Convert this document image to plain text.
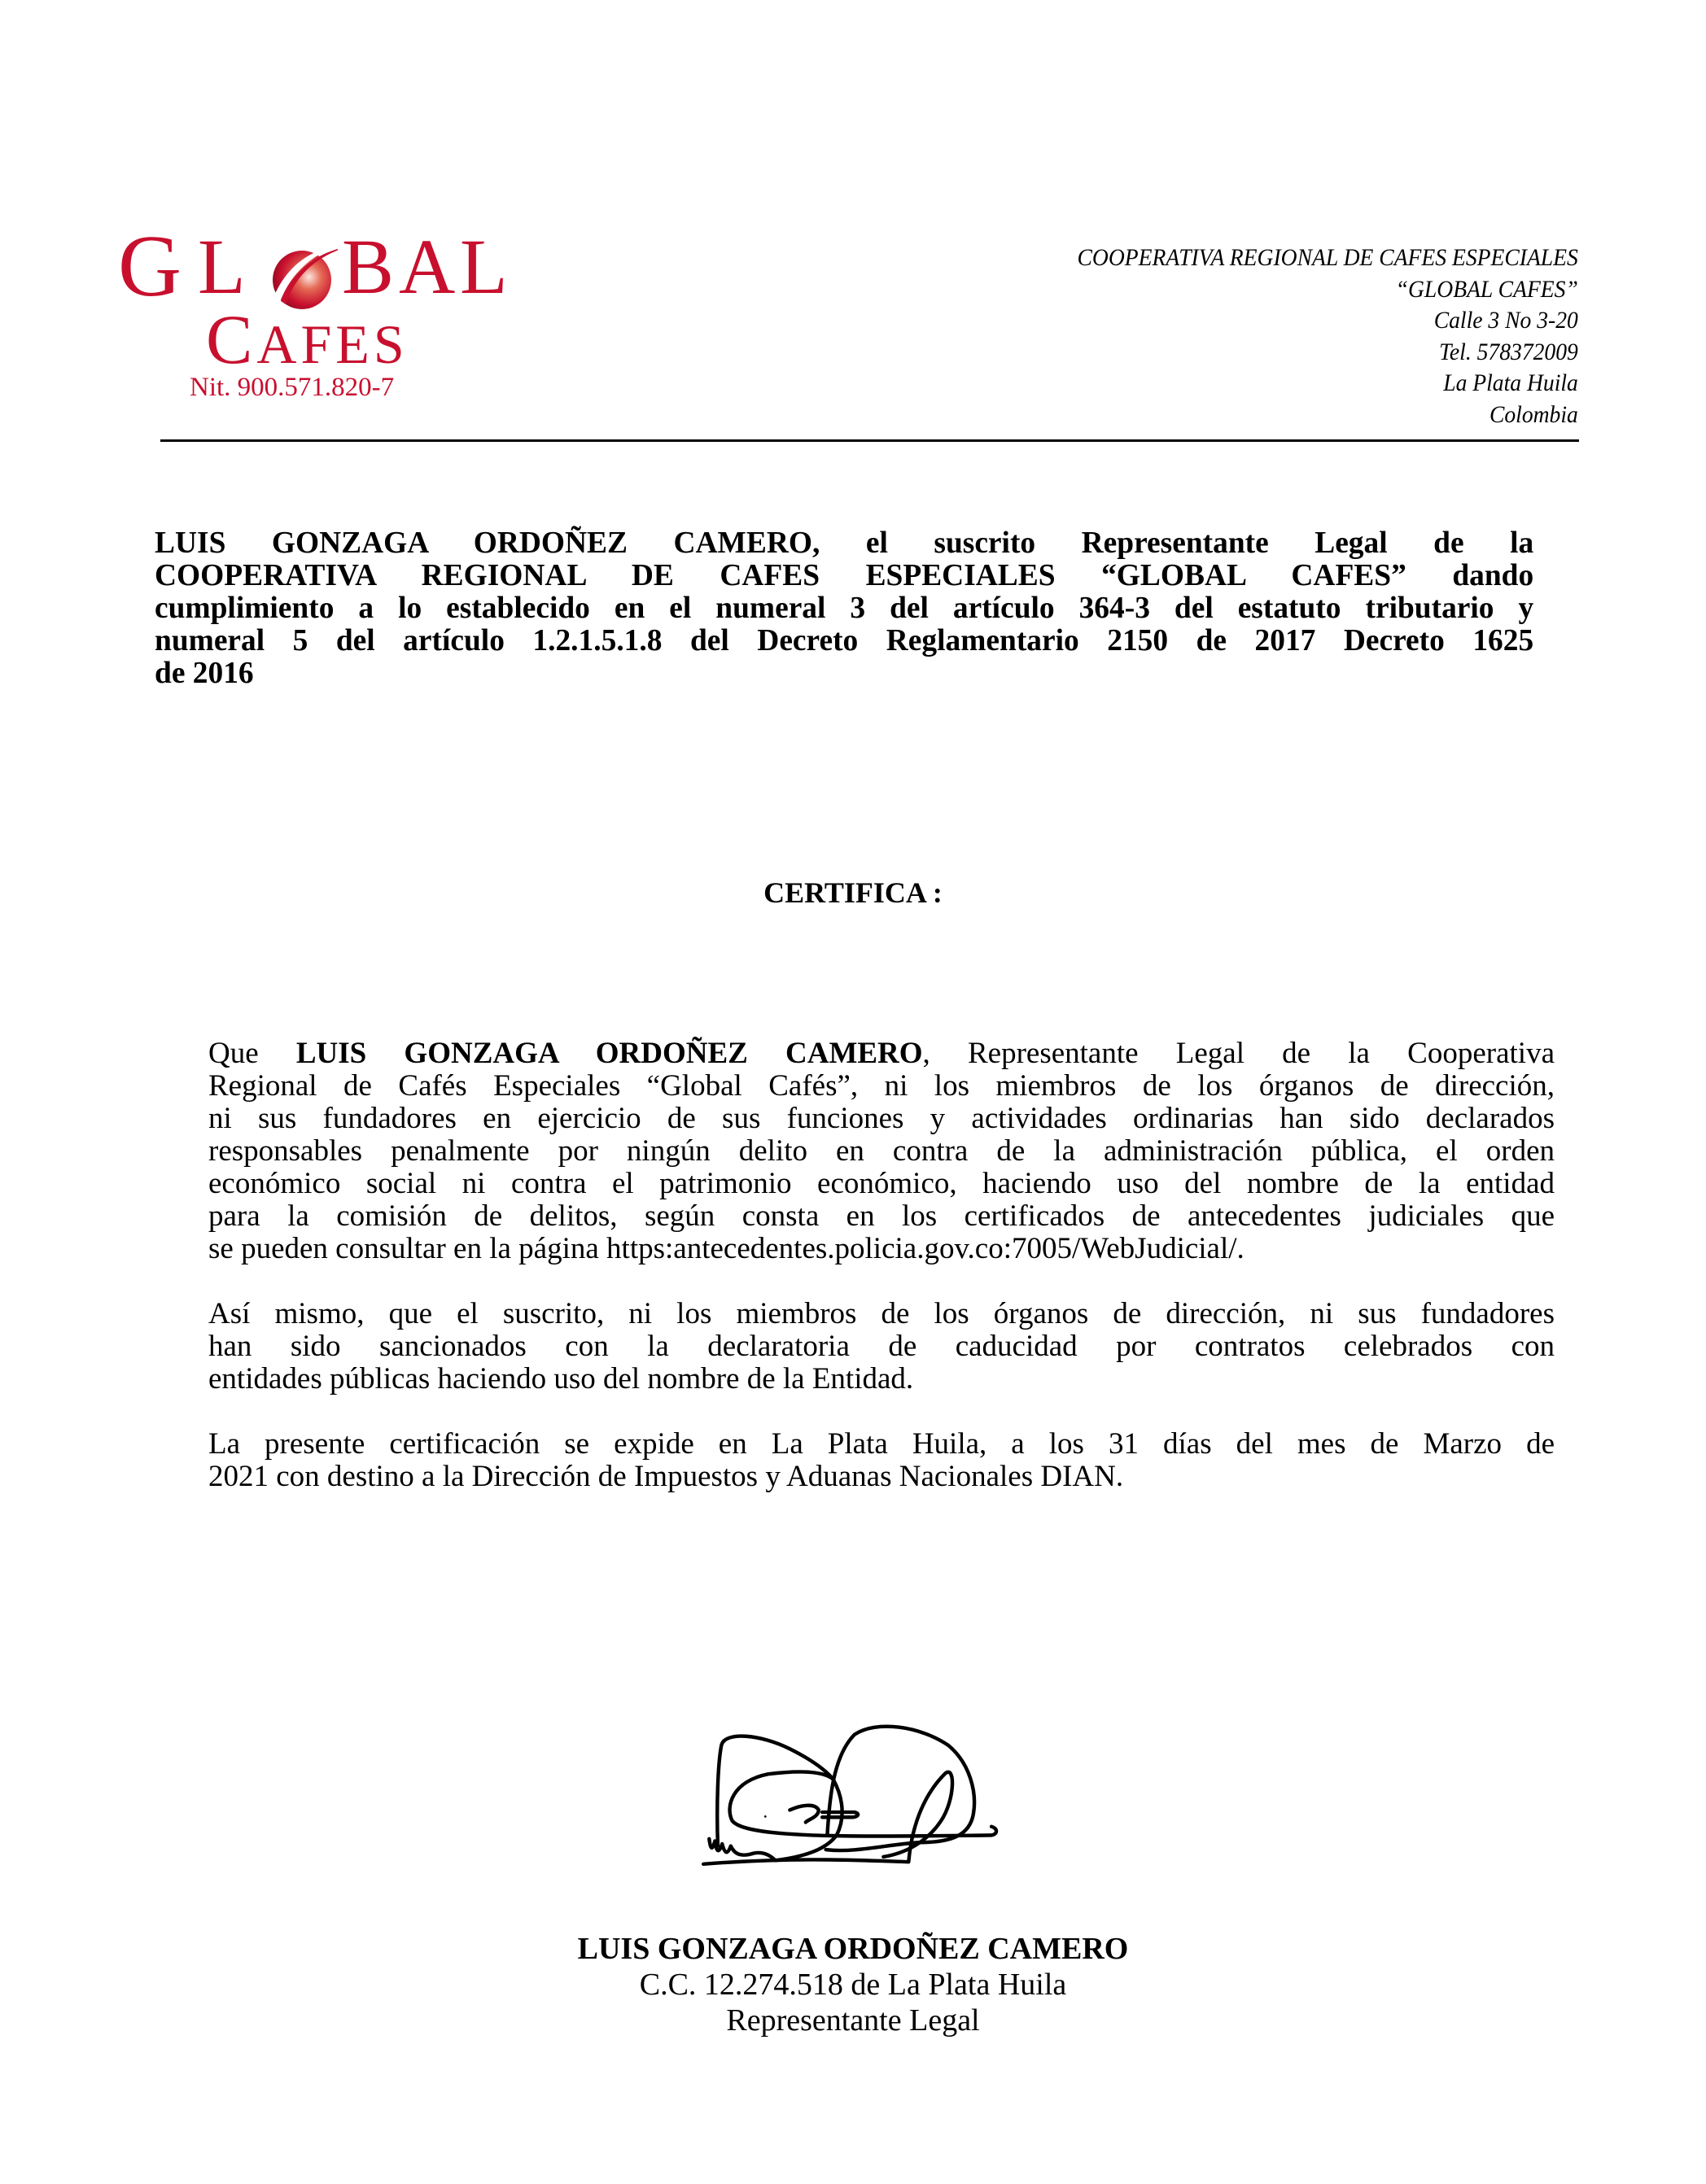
G L B A L
CAFES
Nit. 900.571.820-7
COOPERATIVA REGIONAL DE CAFES ESPECIALES
“GLOBAL CAFES”
Calle 3 No 3-20
Tel. 578372009
La Plata Huila
Colombia
LUIS GONZAGA ORDOÑEZ CAMERO, el suscrito Representante Legal de la
COOPERATIVA REGIONAL DE CAFES ESPECIALES “GLOBAL CAFES” dando
cumplimiento a lo establecido en el numeral 3 del artículo 364-3 del estatuto tributario y
numeral 5 del artículo 1.2.1.5.1.8 del Decreto Reglamentario 2150 de 2017 Decreto 1625
de 2016
CERTIFICA :
Que LUIS GONZAGA ORDOÑEZ CAMERO, Representante Legal de la Cooperativa
Regional de Cafés Especiales “Global Cafés”, ni los miembros de los órganos de dirección,
ni sus fundadores en ejercicio de sus funciones y actividades ordinarias han sido declarados
responsables penalmente por ningún delito en contra de la administración pública, el orden
económico social ni contra el patrimonio económico, haciendo uso del nombre de la entidad
para la comisión de delitos, según consta en los certificados de antecedentes judiciales que
se pueden consultar en la página https:antecedentes.policia.gov.co:7005/WebJudicial/.
Así mismo, que el suscrito, ni los miembros de los órganos de dirección, ni sus fundadores
han sido sancionados con la declaratoria de caducidad por contratos celebrados con
entidades públicas haciendo uso del nombre de la Entidad.
La presente certificación se expide en La Plata Huila, a los 31 días del mes de Marzo de
2021 con destino a la Dirección de Impuestos y Aduanas Nacionales DIAN.
LUIS GONZAGA ORDOÑEZ CAMERO
C.C. 12.274.518 de La Plata Huila
Representante Legal
